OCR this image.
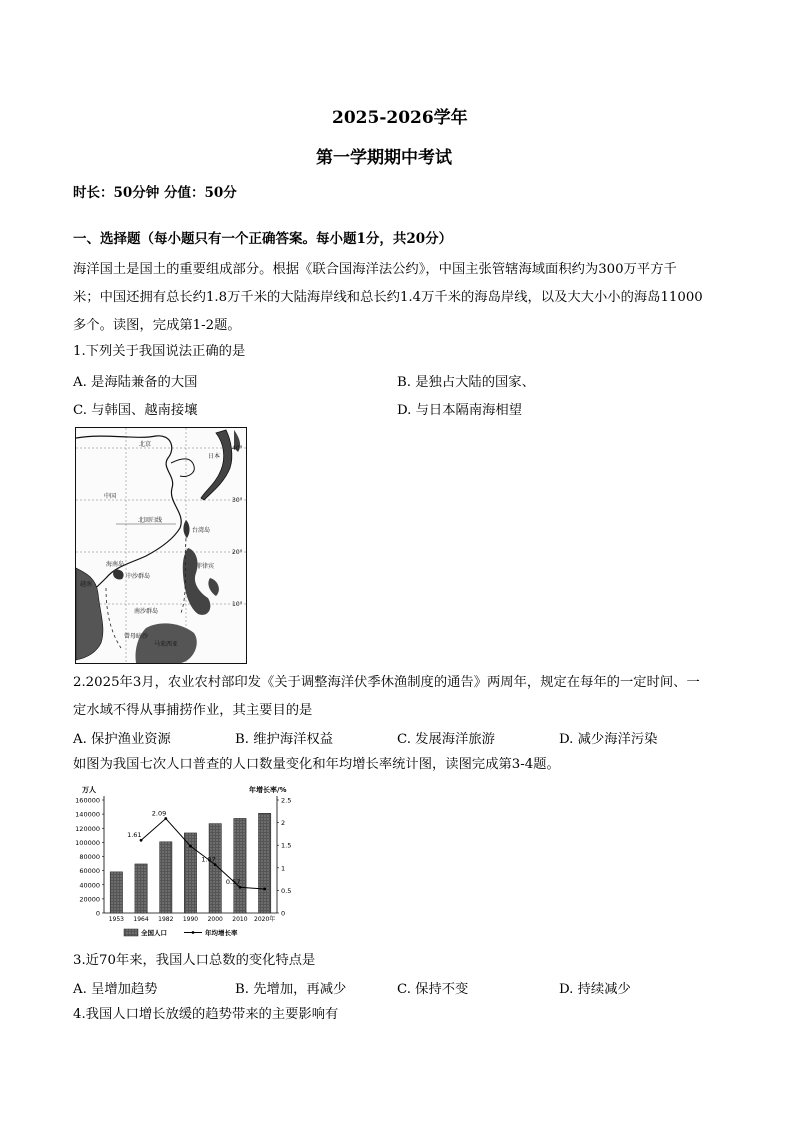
2025-2026学年
第一学期期中考试
时长：50分钟 分值：50分
一、选择题（每小题只有一个正确答案。每小题1分，共20分）
海洋国土是国土的重要组成部分。根据《联合国海洋法公约》，中国主张管辖海域面积约为300万平方千
米；中国还拥有总长约1.8万千米的大陆海岸线和总长约1.4万千米的海岛岸线，以及大大小小的海岛11000
多个。读图，完成第1-2题。
1.下列关于我国说法正确的是
A. 是海陆兼备的大国	B. 是独占大陆的国家、
C. 与韩国、越南接壤	D. 与日本隔南海相望
北京
日本
中国
台湾岛
海南岛	菲律宾
越南
马来西亚
中沙群岛
南沙群岛
曾母暗沙
北回归线
40°
30°
20°
10°
2.2025年3月，农业农村部印发《关于调整海洋伏季休渔制度的通告》两周年，规定在每年的一定时间、一
定水域不得从事捕捞作业，其主要目的是
A. 保护渔业资源	B. 维护海洋权益	C. 发展海洋旅游	D. 减少海洋污染
如图为我国七次人口普查的人口数量变化和年均增长率统计图，读图完成第3-4题。
160000
140000
120000
100000
80000
60000
40000
20000
0
2.5
2
1.5
1
0.5
0
万人	年增长率/%
1953 1964 1982 1990 2000 2010 2020年
1.61
2.09
1.07
0.57
全国人口	年均增长率
3.近70年来，我国人口总数的变化特点是
A. 呈增加趋势	B. 先增加，再减少	C. 保持不变	D. 持续减少
4.我国人口增长放缓的趋势带来的主要影响有
